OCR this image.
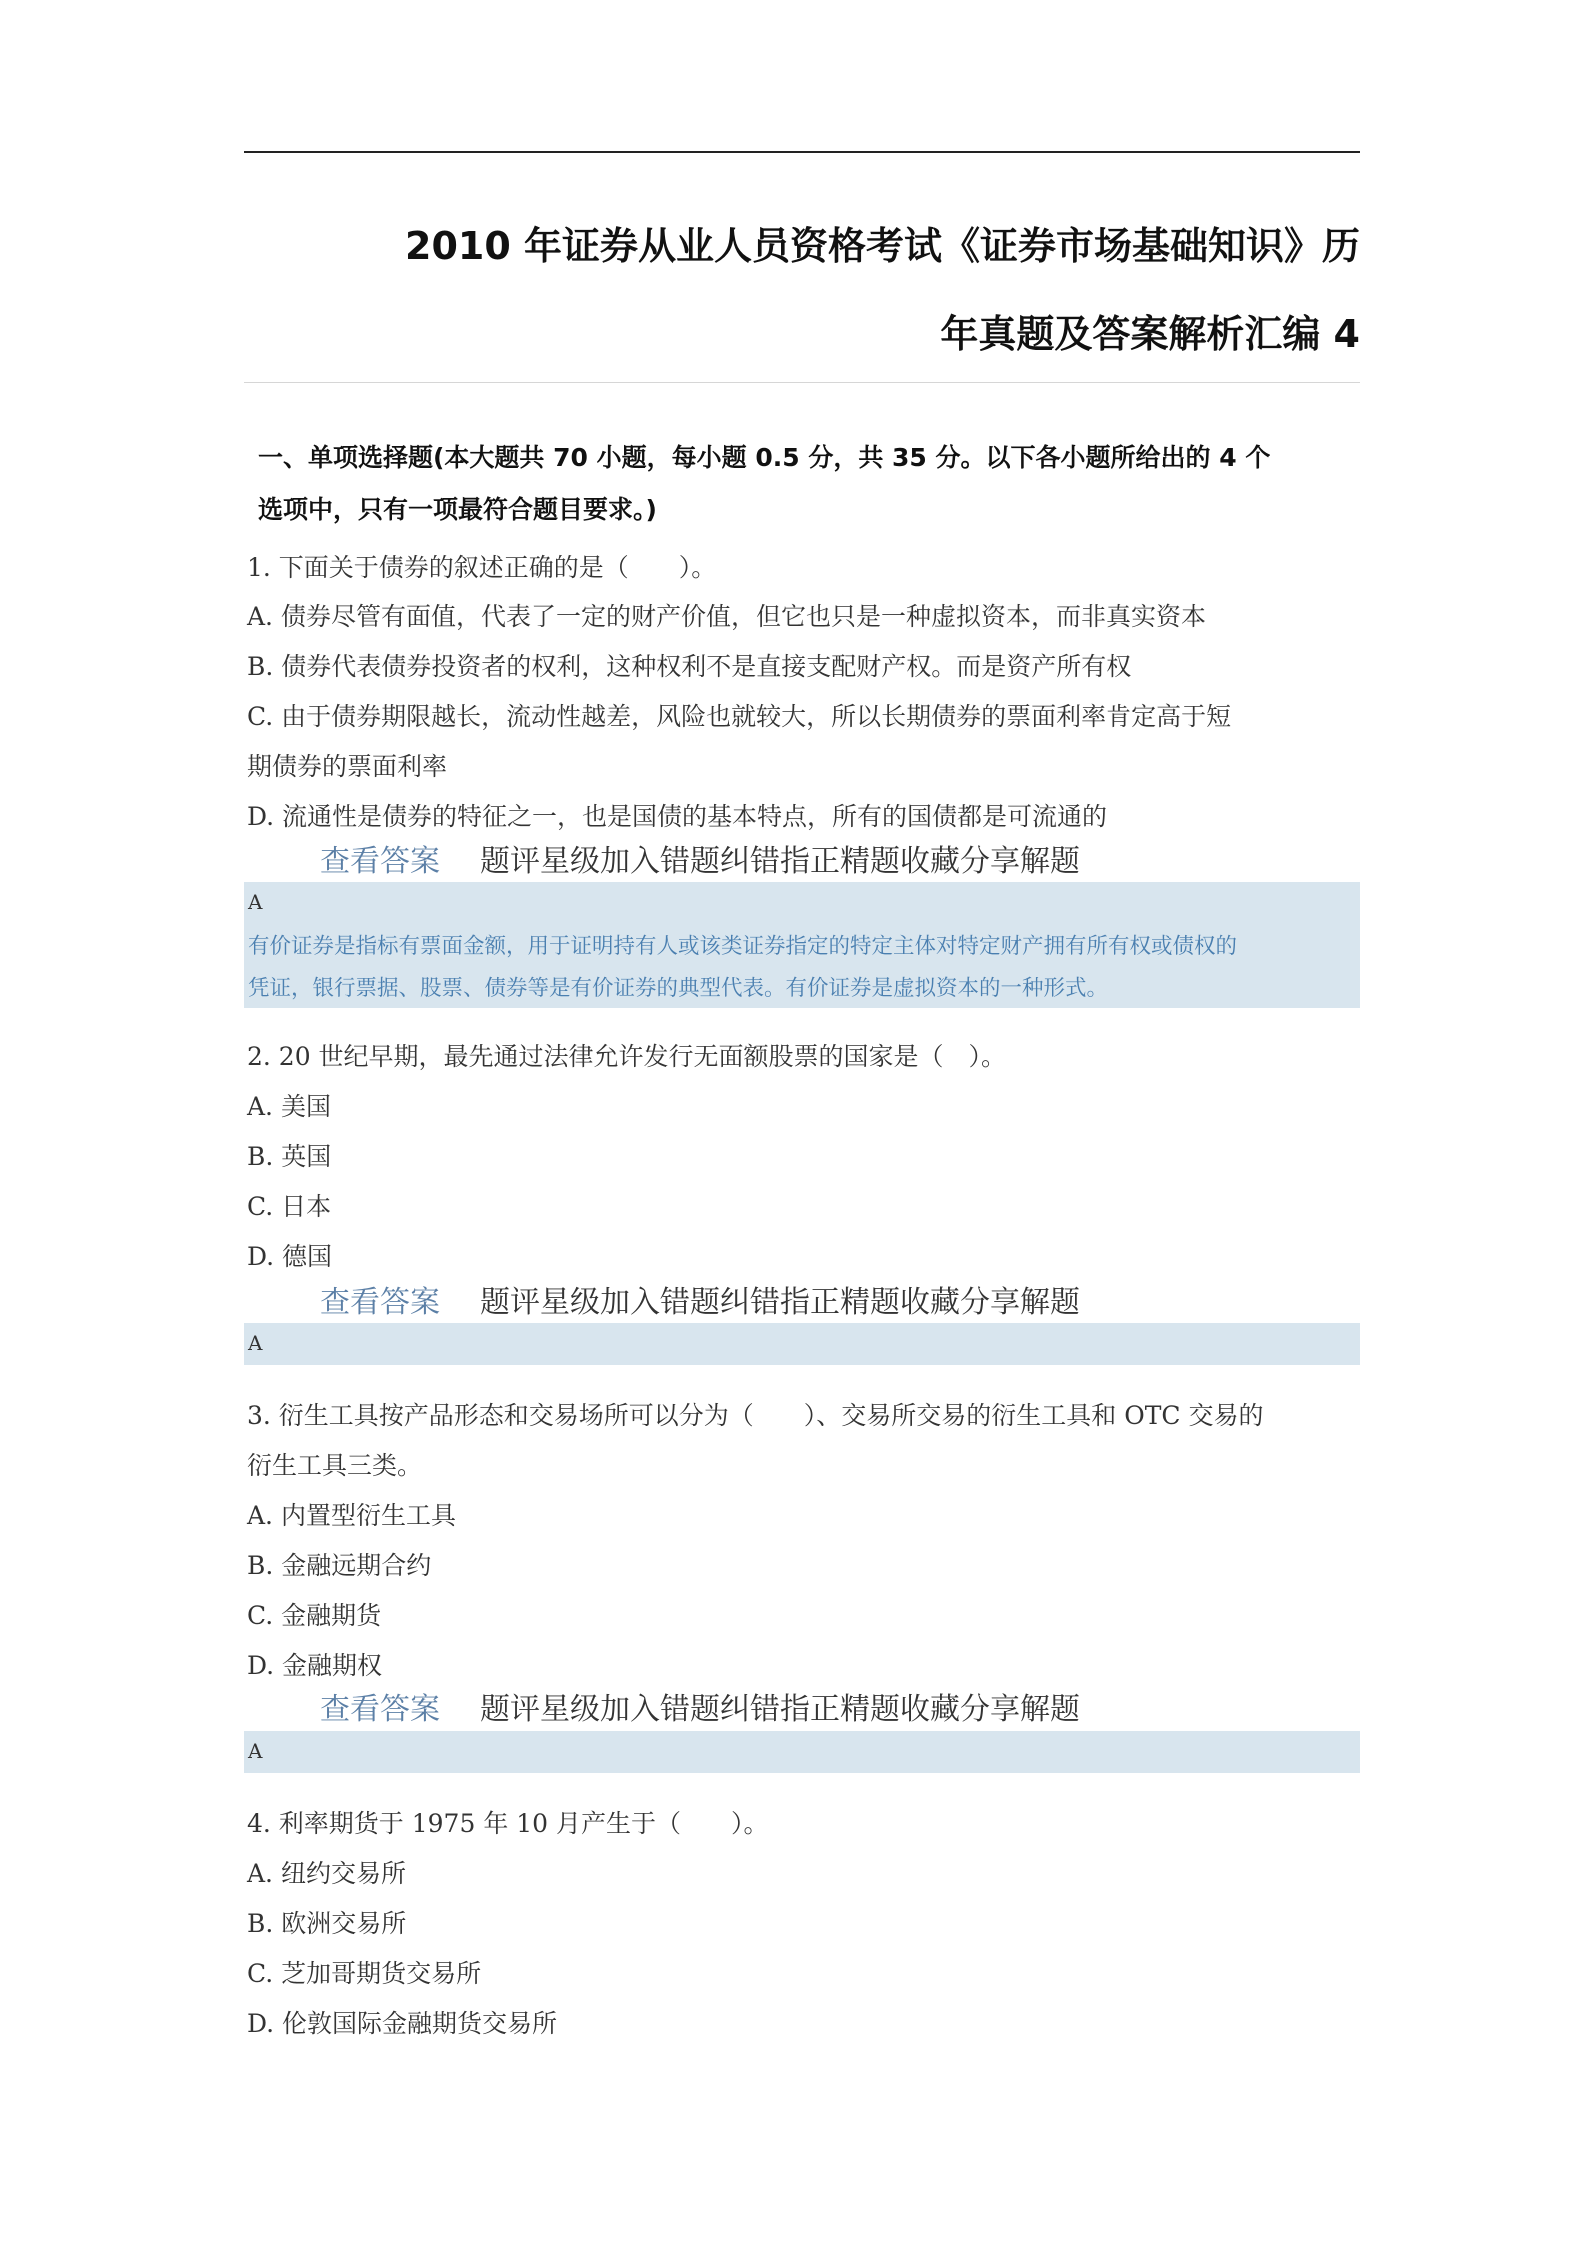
2010 年证券从业人员资格考试《证券市场基础知识》历
年真题及答案解析汇编 4
一、单项选择题(本大题共 70 小题，每小题 0.5 分，共 35 分。以下各小题所给出的 4 个
选项中，只有一项最符合题目要求。)
1. 下面关于债券的叙述正确的是（　　）。
A. 债券尽管有面值，代表了一定的财产价值，但它也只是一种虚拟资本，而非真实资本
B. 债券代表债券投资者的权利，这种权利不是直接支配财产权。而是资产所有权
C. 由于债券期限越长，流动性越差，风险也就较大，所以长期债券的票面利率肯定高于短
期债券的票面利率
D. 流通性是债券的特征之一，也是国债的基本特点，所有的国债都是可流通的
查看答案 题评星级加入错题纠错指正精题收藏分享解题
A
有价证券是指标有票面金额，用于证明持有人或该类证券指定的特定主体对特定财产拥有所有权或债权的
凭证，银行票据、股票、债券等是有价证券的典型代表。有价证券是虚拟资本的一种形式。
2. 20 世纪早期，最先通过法律允许发行无面额股票的国家是（　）。
A. 美国
B. 英国
C. 日本
D. 德国
查看答案 题评星级加入错题纠错指正精题收藏分享解题
A
3. 衍生工具按产品形态和交易场所可以分为（　　）、交易所交易的衍生工具和 OTC 交易的
衍生工具三类。
A. 内置型衍生工具
B. 金融远期合约
C. 金融期货
D. 金融期权
查看答案 题评星级加入错题纠错指正精题收藏分享解题
A
4. 利率期货于 1975 年 10 月产生于（　　）。
A. 纽约交易所
B. 欧洲交易所
C. 芝加哥期货交易所
D. 伦敦国际金融期货交易所
